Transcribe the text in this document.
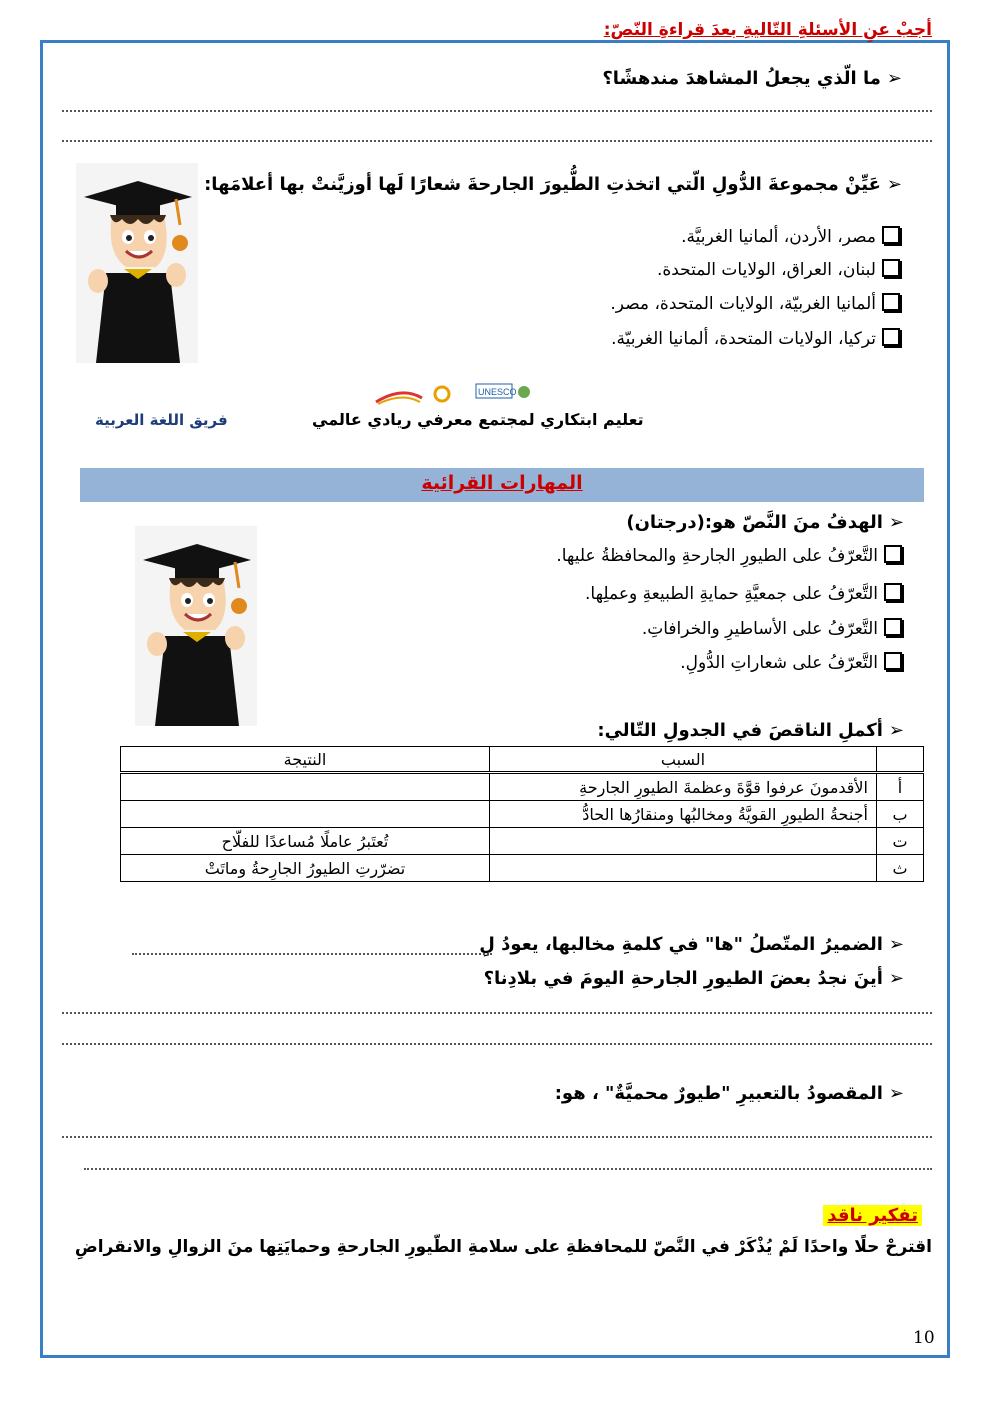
أجبْ عنِ الأسئلةِ التّاليةِ بعدَ قراءةِ النّصّ:
➢ما الّذي يجعلُ المشاهدَ مندهشًا؟
➢عَيِّنْ مجموعةَ الدُّولِ الّتي اتخذتِ الطُّيورَ الجارحةَ شعارًا لَها أوزيَّنتْ بها أعلامَها:
مصر، الأردن، ألمانيا الغربيَّة.
لبنان، العراق، الولايات المتحدة.
ألمانيا الغربيّة، الولايات المتحدة، مصر.
تركيا، الولايات المتحدة، ألمانيا الغربيّة.
UNESCO
تعليم ابتكاري لمجتمع معرفي ريادي عالمي
فريق اللغة العربية
المهارات القرائية
➢الهدفُ منَ النَّصّ هو:(درجتان)
التَّعرّفُ على الطيورِ الجارحةِ والمحافظةُ عليها.
التَّعرّفُ على جمعيَّةِ حمايةِ الطبيعةِ وعملِها.
التَّعرّفُ على الأساطيرِ والخرافاتِ.
التَّعرّفُ على شعاراتِ الدُّولِ.
➢أكملِ الناقصَ في الجدولِ التّالي:
	السبب	النتيجة
أ	الأقدمونَ عرفوا قوَّةَ وعظمةَ الطيورِ الجارحةِ	
ب	أجنحةُ الطيورِ القويَّةُ ومخالبُها ومنقارُها الحادُّ	
ت		تُعتَبرُ عاملًا مُساعدًا للفلّاح
ث		تضرّرتِ الطيورُ الجارِحةُ وماتَتْ
➢الضميرُ المتّصلُ "ها" في كلمةِ مخالبها، يعودُ لِ
➢أينَ نجدُ بعضَ الطيورِ الجارحةِ اليومَ في بلادِنا؟
➢المقصودُ بالتعبيرِ "طيورٌ محميَّةٌ" ، هو:
تفكير ناقد
اقترحْ حلًا واحدًا لَمْ يُذْكَرْ في النَّصّ للمحافظةِ على سلامةِ الطّيورِ الجارحةِ وحمايَتِها منَ الزوالِ والانقراضِ
10
